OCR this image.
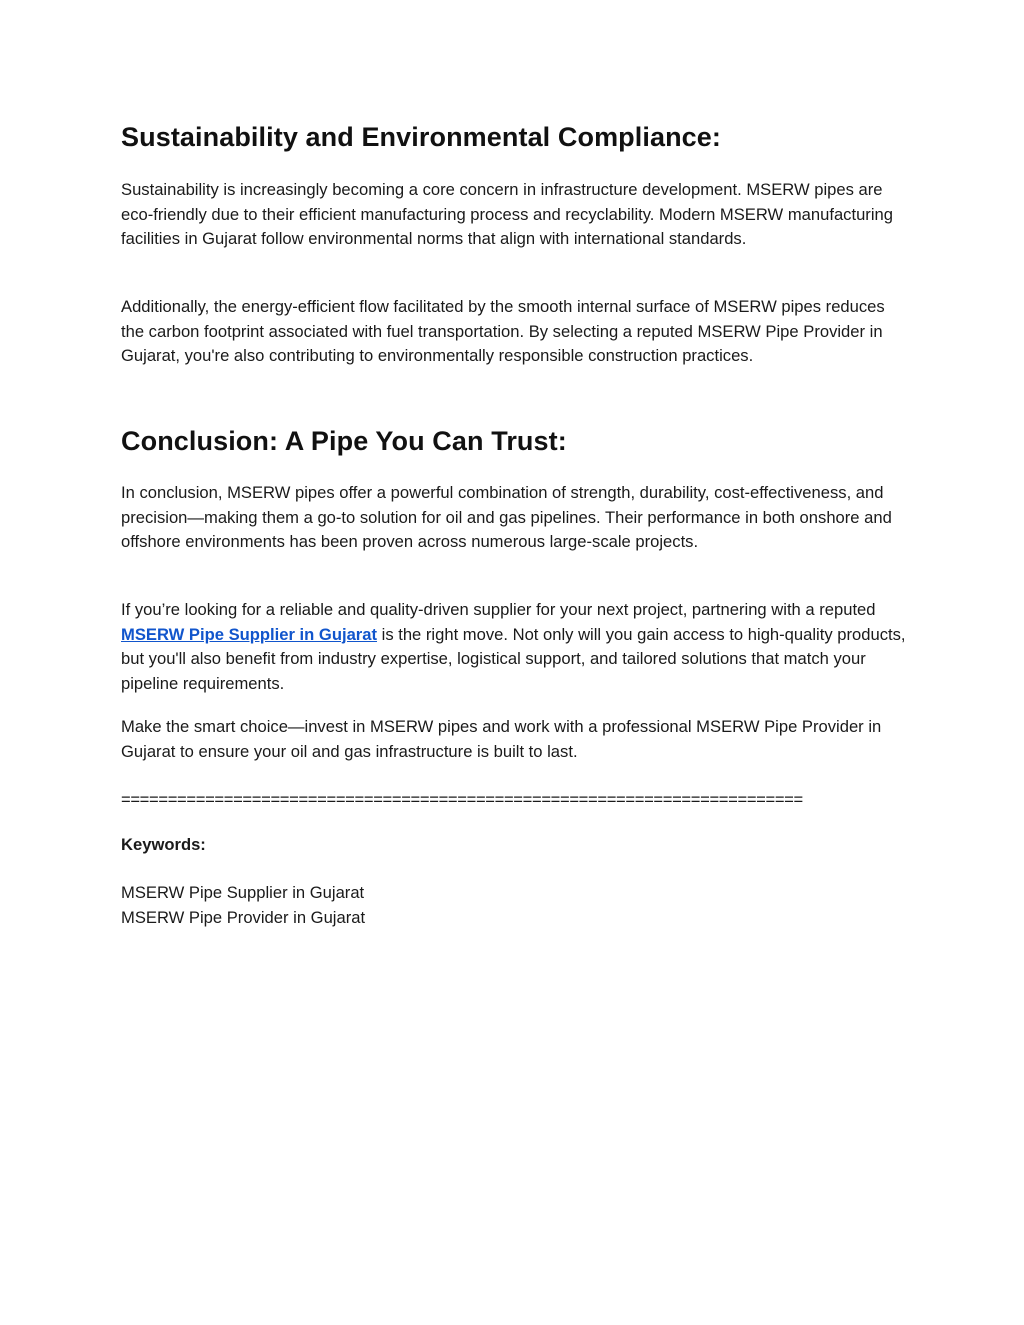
Sustainability and Environmental Compliance:

Sustainability is increasingly becoming a core concern in infrastructure development. MSERW pipes are eco-friendly due to their efficient manufacturing process and recyclability. Modern MSERW manufacturing facilities in Gujarat follow environmental norms that align with international standards.

Additionally, the energy-efficient flow facilitated by the smooth internal surface of MSERW pipes reduces the carbon footprint associated with fuel transportation. By selecting a reputed MSERW Pipe Provider in Gujarat, you're also contributing to environmentally responsible construction practices.

Conclusion: A Pipe You Can Trust:

In conclusion, MSERW pipes offer a powerful combination of strength, durability, cost-effectiveness, and precision—making them a go-to solution for oil and gas pipelines. Their performance in both onshore and offshore environments has been proven across numerous large-scale projects.

If you’re looking for a reliable and quality-driven supplier for your next project, partnering with a reputed MSERW Pipe Supplier in Gujarat is the right move. Not only will you gain access to high-quality products, but you'll also benefit from industry expertise, logistical support, and tailored solutions that match your pipeline requirements.

Make the smart choice—invest in MSERW pipes and work with a professional MSERW Pipe Provider in Gujarat to ensure your oil and gas infrastructure is built to last.

=========================================================================

Keywords:

MSERW Pipe Supplier in Gujarat

MSERW Pipe Provider in Gujarat
